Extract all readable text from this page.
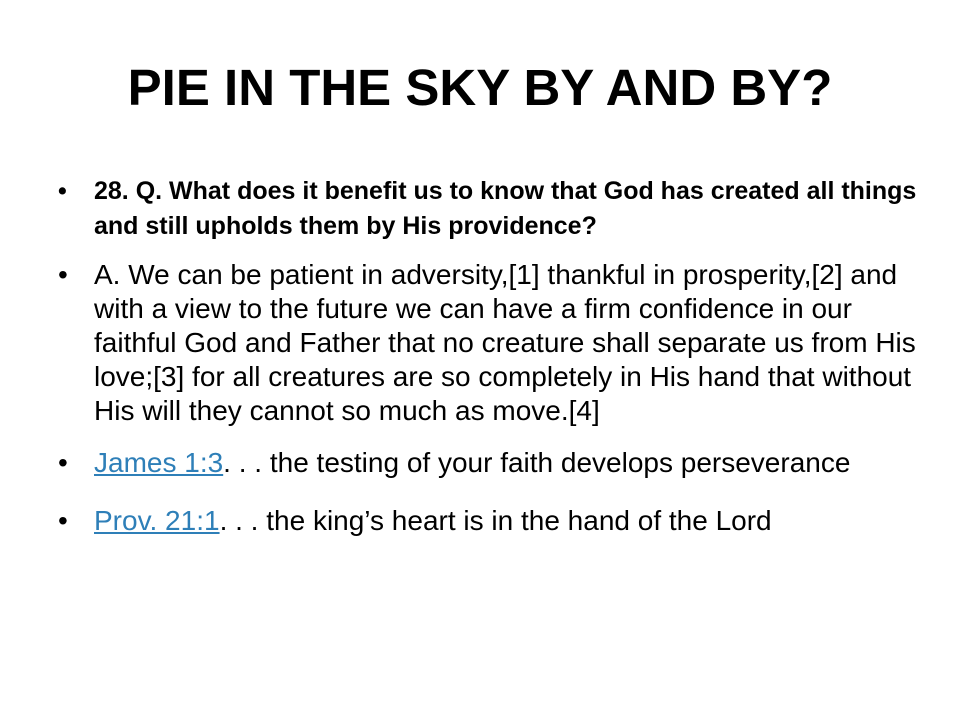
PIE IN THE SKY BY AND BY?
• 28. Q. What does it benefit us to know that God has created all things and still upholds them by His providence?
• A. We can be patient in adversity,[1] thankful in prosperity,[2] and with a view to the future we can have a firm confidence in our faithful God and Father that no creature shall separate us from His love;[3] for all creatures are so completely in His hand that without His will they cannot so much as move.[4]
• James 1:3. . . the testing of your faith develops perseverance
• Prov. 21:1. . . the king’s heart is in the hand of the Lord
